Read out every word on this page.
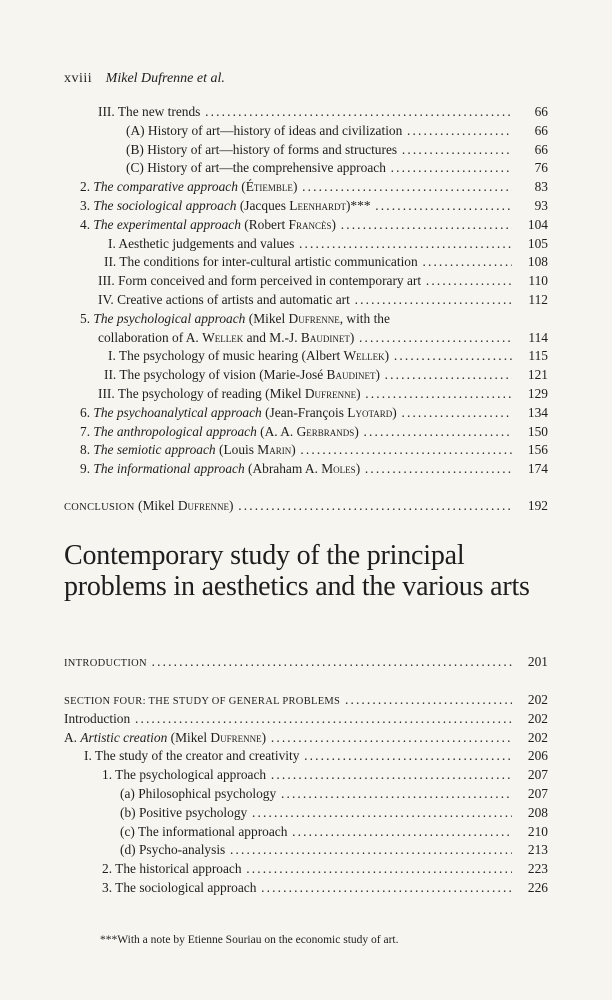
xviii Mikel Dufrenne et al.
III. The new trends . . .	66
(A) History of art—history of ideas and civilization . . .	66
(B) History of art—history of forms and structures . . .	66
(C) History of art—the comprehensive approach . . .	76
2. The comparative approach (Étiemble) . . .	83
3. The sociological approach (Jacques Leenhardt)*** . . .	93
4. The experimental approach (Robert Francès) . . .	104
I. Aesthetic judgements and values . . .	105
II. The conditions for inter-cultural artistic communication . . .	108
III. Form conceived and form perceived in contemporary art . . .	110
IV. Creative actions of artists and automatic art . . .	112
5. The psychological approach (Mikel Dufrenne, with the
collaboration of A. Wellek and M.-J. Baudinet) . . .	114
I. The psychology of music hearing (Albert Wellek) . . .	115
II. The psychology of vision (Marie-José Baudinet) . . .	121
III. The psychology of reading (Mikel Dufrenne) . . .	129
6. The psychoanalytical approach (Jean-François Lyotard) . . .	134
7. The anthropological approach (A. A. Gerbrands) . . .	150
8. The semiotic approach (Louis Marin) . . .	156
9. The informational approach (Abraham A. Moles) . . .	174
CONCLUSION (Mikel Dufrenne) . . .	192
Contemporary study of the principal problems in aesthetics and the various arts
INTRODUCTION . . .	201
SECTION FOUR: THE STUDY OF GENERAL PROBLEMS . . .	202
Introduction . . .	202
A. Artistic creation (Mikel Dufrenne) . . .	202
I. The study of the creator and creativity . . .	206
1. The psychological approach . . .	207
(a) Philosophical psychology . . .	207
(b) Positive psychology . . .	208
(c) The informational approach . . .	210
(d) Psycho-analysis . . .	213
2. The historical approach . . .	223
3. The sociological approach . . .	226
***With a note by Etienne Souriau on the economic study of art.
